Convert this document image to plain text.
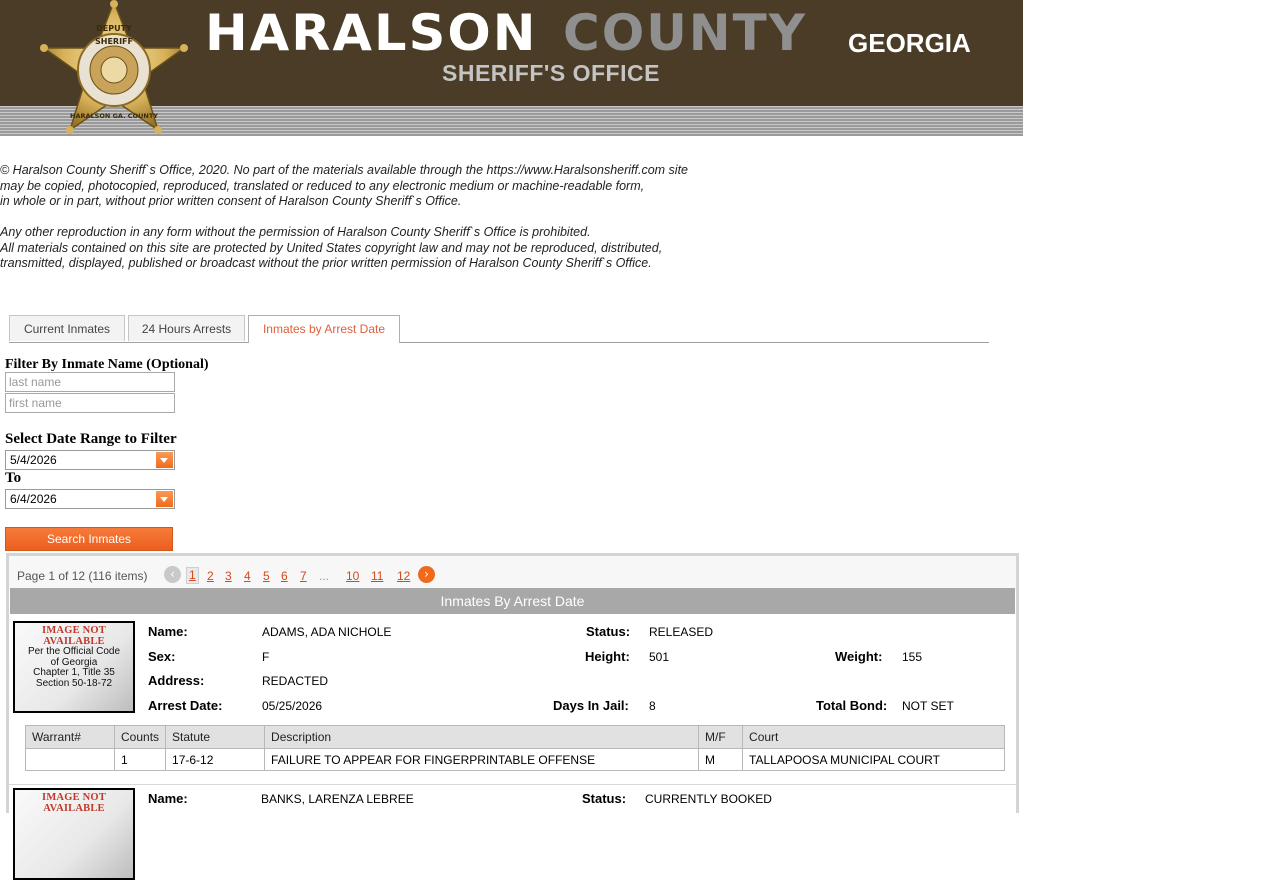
DEPUTY
SHERIFF
HARALSON GA. COUNTY
HARALSON COUNTY GEORGIA
SHERIFF'S OFFICE

© Haralson County Sheriff`s Office, 2020. No part of the materials available through the https://www.Haralsonsheriff.com site
may be copied, photocopied, reproduced, translated or reduced to any electronic medium or machine-readable form,
in whole or in part, without prior written consent of Haralson County Sheriff`s Office.

Any other reproduction in any form without the permission of Haralson County Sheriff`s Office is prohibited.
All materials contained on this site are protected by United States copyright law and may not be reproduced, distributed,
transmitted, displayed, published or broadcast without the prior written permission of Haralson County Sheriff`s Office.

Current Inmates	24 Hours Arrests	Inmates by Arrest Date
Filter By Inmate Name (Optional)
last name
first name
Select Date Range to Filter
5/4/2026
To
6/4/2026
Search Inmates
Page 1 of 12 (116 items)	‹	1 2 3 4 5 6 7 ... 10 11 12	›
Inmates By Arrest Date
IMAGE NOT AVAILABLE
Per the Official Code
of Georgia
Chapter 1, Title 35
Section 50-18-72
Name:	ADAMS, ADA NICHOLE	Status: RELEASED
Sex:	F	Height: 501	Weight: 155
Address:	REDACTED
Arrest Date:	05/25/2026	Days In Jail: 8	Total Bond: NOT SET
Warrant#	Counts	Statute	Description	M/F	Court
	1	17-6-12	FAILURE TO APPEAR FOR FINGERPRINTABLE OFFENSE	M	TALLAPOOSA MUNICIPAL COURT
IMAGE NOT AVAILABLE
Name:	BANKS, LARENZA LEBREE	Status: CURRENTLY BOOKED
